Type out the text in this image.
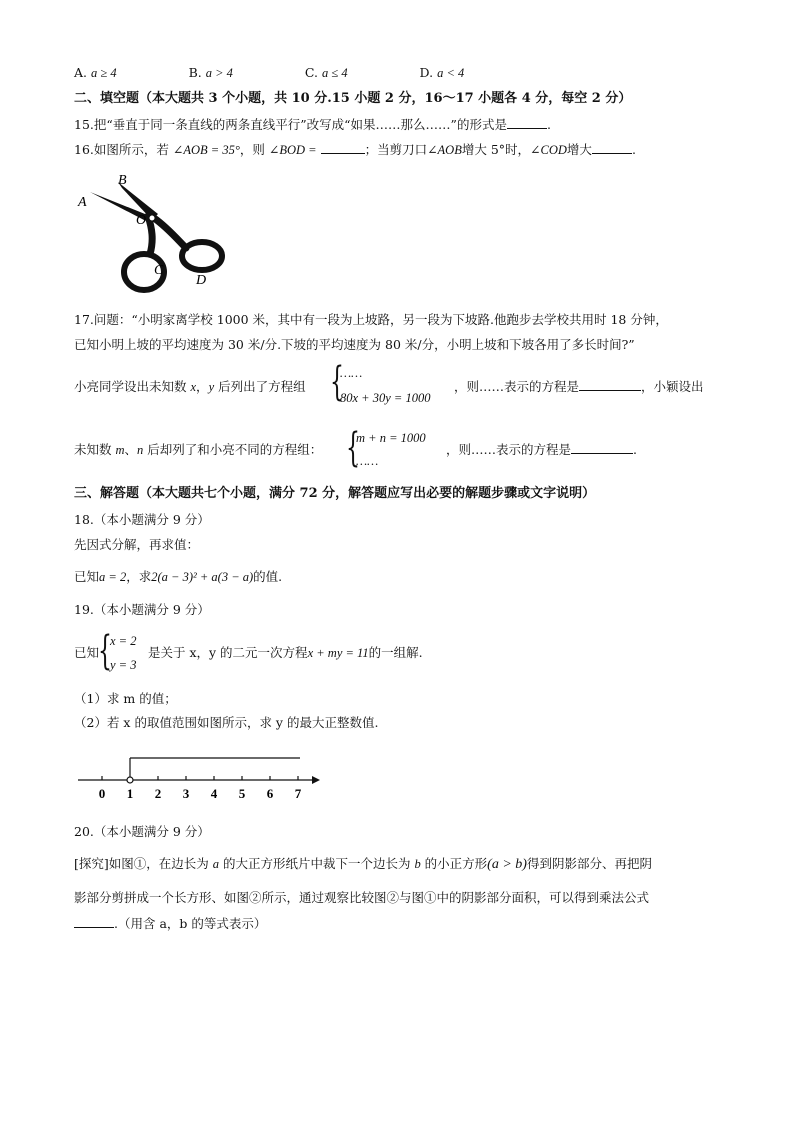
A. a ≥ 4	B. a > 4	C. a ≤ 4	D. a < 4
二、填空题（本大题共 3 个小题，共 10 分.15 小题 2 分，16～17 小题各 4 分，每空 2 分）
15.把“垂直于同一条直线的两条直线平行”改写成“如果……那么……”的形式是	.
16.如图所示，若 ∠AOB = 35°，则 ∠BOD =	；当剪刀口∠AOB增大 5°时，∠COD增大	.
A
B
O
C
D
17.问题：“小明家离学校 1000 米，其中有一段为上坡路，另一段为下坡路.他跑步去学校共用时 18 分钟，
已知小明上坡的平均速度为 30 米/分.下坡的平均速度为 80 米/分，小明上坡和下坡各用了多长时间?”
小亮同学设出未知数 x，y 后列出了方程组 {
……
80x + 30y = 1000
，则……表示的方程是	，小颖设出
未知数 m、n 后却列了和小亮不同的方程组： {
m + n = 1000
……
，则……表示的方程是	.
三、解答题（本大题共七个小题，满分 72 分，解答题应写出必要的解题步骤或文字说明）
18.（本小题满分 9 分）
先因式分解，再求值：
已知a = 2，求2(a − 3)² + a(3 − a)的值.
19.（本小题满分 9 分）
已知
{
x = 2
y = 3
是关于 x，y 的二元一次方程x + my = 11的一组解.
（1）求 m 的值；
（2）若 x 的取值范围如图所示，求 y 的最大正整数值.
0 1 2 3 4 5 6 7
20.（本小题满分 9 分）
[探究]如图①，在边长为 a 的大正方形纸片中裁下一个边长为 b 的小正方形(a > b)得到阴影部分、再把阴
影部分剪拼成一个长方形、如图②所示，通过观察比较图②与图①中的阴影部分面积，可以得到乘法公式
.（用含 a，b 的等式表示）
